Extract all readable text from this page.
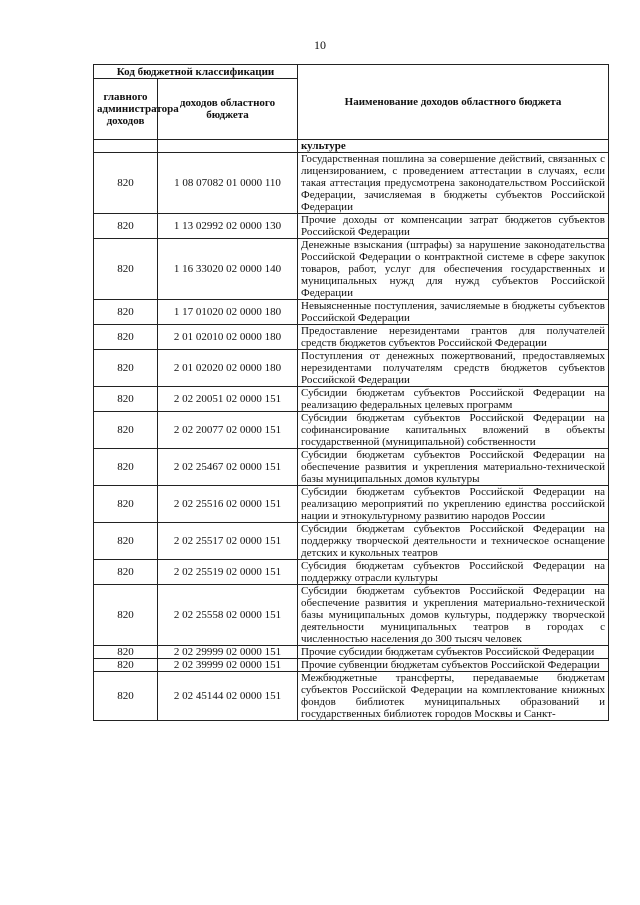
10
Код бюджетной классификации		Наименование доходов областного бюджета
главного администратора доходов	доходов областного бюджета	
		культуре
820	1 08 07082 01 0000 110	Государственная пошлина за совершение действий, связанных с лицензированием, с проведением аттестации в случаях, если такая аттестация предусмотрена законодательством Российской Федерации, зачисляемая в бюджеты субъектов Российской Федерации
820	1 13 02992 02 0000 130	Прочие доходы от компенсации затрат бюджетов субъектов Российской Федерации
820	1 16 33020 02 0000 140	Денежные взыскания (штрафы) за нарушение законодательства Российской Федерации о контрактной системе в сфере закупок товаров, работ, услуг для обеспечения государственных и муниципальных нужд для нужд субъектов Российской Федерации
820	1 17 01020 02 0000 180	Невыясненные поступления, зачисляемые в бюджеты субъектов Российской Федерации
820	2 01 02010 02 0000 180	Предоставление нерезидентами грантов для получателей средств бюджетов субъектов Российской Федерации
820	2 01 02020 02 0000 180	Поступления от денежных пожертвований, предоставляемых нерезидентами получателям средств бюджетов субъектов Российской Федерации
820	2 02 20051 02 0000 151	Субсидии бюджетам субъектов Российской Федерации на реализацию федеральных целевых программ
820	2 02 20077 02 0000 151	Субсидии бюджетам субъектов Российской Федерации на софинансирование капитальных вложений в объекты государственной (муниципальной) собственности
820	2 02 25467 02 0000 151	Субсидии бюджетам субъектов Российской Федерации на обеспечение развития и укрепления материально-технической базы муниципальных домов культуры
820	2 02 25516 02 0000 151	Субсидии бюджетам субъектов Российской Федерации на реализацию мероприятий по укреплению единства российской нации и этнокультурному развитию народов России
820	2 02 25517 02 0000 151	Субсидии бюджетам субъектов Российской Федерации на поддержку творческой деятельности и техническое оснащение детских и кукольных театров
820	2 02 25519 02 0000 151	Субсидия бюджетам субъектов Российской Федерации на поддержку отрасли культуры
820	2 02 25558 02 0000 151	Субсидии бюджетам субъектов Российской Федерации на обеспечение развития и укрепления материально-технической базы муниципальных домов культуры, поддержку творческой деятельности муниципальных театров в городах с численностью населения до 300 тысяч человек
820	2 02 29999 02 0000 151	Прочие субсидии бюджетам субъектов Российской Федерации
820	2 02 39999 02 0000 151	Прочие субвенции бюджетам субъектов Российской Федерации
820	2 02 45144 02 0000 151	Межбюджетные трансферты, передаваемые бюджетам субъектов Российской Федерации на комплектование книжных фондов библиотек муниципальных образований и государственных библиотек городов Москвы и Санкт-
